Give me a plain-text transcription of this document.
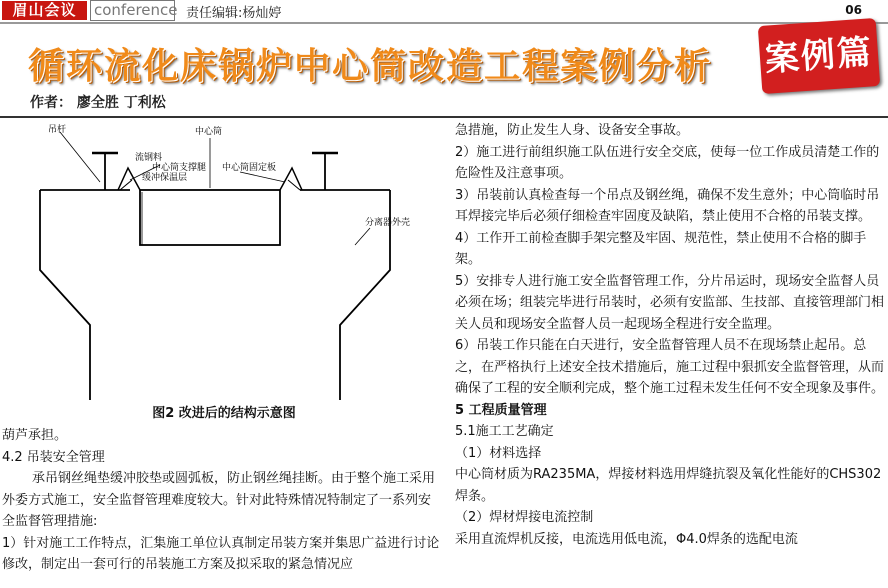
眉山会议	conference 责任编辑:杨灿婷	06
循环流化床锅炉中心筒改造工程案例分析 案例篇
作者： 廖全胜 丁利松
吊杆	中心筒
流钢料
中心筒支撑腿
缓冲保温层
中心筒固定板
分离器外壳
图2 改进后的结构示意图

葫芦承担。

4.2 吊装安全管理

承吊钢丝绳垫缓冲胶垫或圆弧板，防止钢丝绳挂断。由于整个施工采用外委方式施工，安全监督管理难度较大。针对此特殊情况特制定了一系列安全监督管理措施:

1）针对施工工作特点，汇集施工单位认真制定吊装方案并集思广益进行讨论修改，制定出一套可行的吊装施工方案及拟采取的紧急情况应

急措施，防止发生人身、设备安全事故。

2）施工进行前组织施工队伍进行安全交底，使每一位工作成员清楚工作的危险性及注意事项。

3）吊装前认真检查每一个吊点及钢丝绳，确保不发生意外；中心筒临时吊耳焊接完毕后必须仔细检查牢固度及缺陷，禁止使用不合格的吊装支撑。

4）工作开工前检查脚手架完整及牢固、规范性，禁止使用不合格的脚手架。

5）安排专人进行施工安全监督管理工作，分片吊运时，现场安全监督人员必须在场；组装完毕进行吊装时，必须有安监部、生技部、直接管理部门相关人员和现场安全监督人员一起现场全程进行安全监理。

6）吊装工作只能在白天进行，安全监督管理人员不在现场禁止起吊。总之，在严格执行上述安全技术措施后，施工过程中狠抓安全监督管理，从而确保了工程的安全顺利完成，整个施工过程未发生任何不安全现象及事件。

5 工程质量管理

5.1施工工艺确定

（1）材料选择

中心筒材质为RA235MA，焊接材料选用焊缝抗裂及氧化性能好的CHS302焊条。

（2）焊材焊接电流控制

采用直流焊机反接，电流选用低电流，Φ4.0焊条的选配电流
